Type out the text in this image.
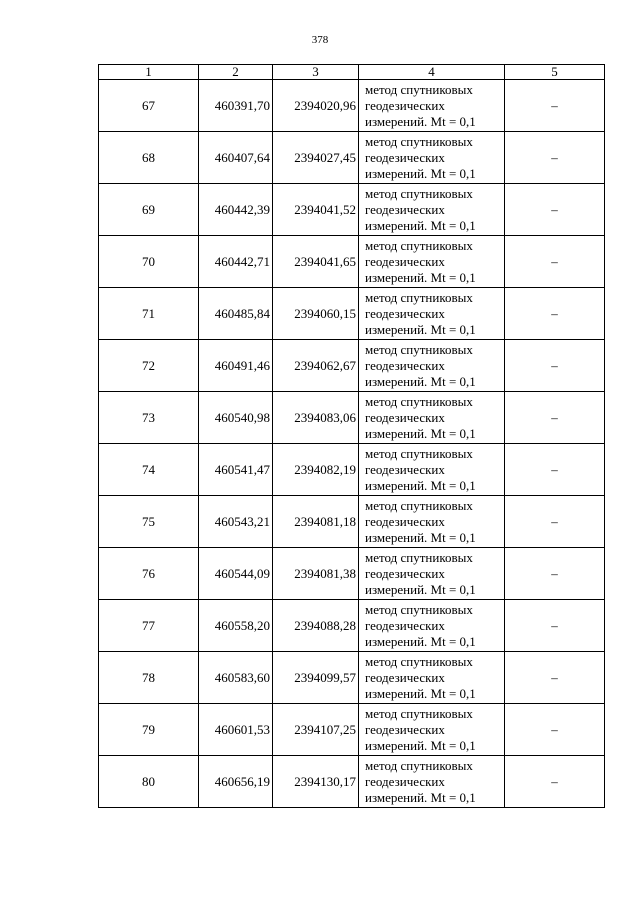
378
1	2	3	4	5
67	460391,70	2394020,96	метод спутниковых
геодезических
измерений. Mt = 0,1	–
68	460407,64	2394027,45	метод спутниковых
геодезических
измерений. Mt = 0,1	–
69	460442,39	2394041,52	метод спутниковых
геодезических
измерений. Mt = 0,1	–
70	460442,71	2394041,65	метод спутниковых
геодезических
измерений. Mt = 0,1	–
71	460485,84	2394060,15	метод спутниковых
геодезических
измерений. Mt = 0,1	–
72	460491,46	2394062,67	метод спутниковых
геодезических
измерений. Mt = 0,1	–
73	460540,98	2394083,06	метод спутниковых
геодезических
измерений. Mt = 0,1	–
74	460541,47	2394082,19	метод спутниковых
геодезических
измерений. Mt = 0,1	–
75	460543,21	2394081,18	метод спутниковых
геодезических
измерений. Mt = 0,1	–
76	460544,09	2394081,38	метод спутниковых
геодезических
измерений. Mt = 0,1	–
77	460558,20	2394088,28	метод спутниковых
геодезических
измерений. Mt = 0,1	–
78	460583,60	2394099,57	метод спутниковых
геодезических
измерений. Mt = 0,1	–
79	460601,53	2394107,25	метод спутниковых
геодезических
измерений. Mt = 0,1	–
80	460656,19	2394130,17	метод спутниковых
геодезических
измерений. Mt = 0,1	–
